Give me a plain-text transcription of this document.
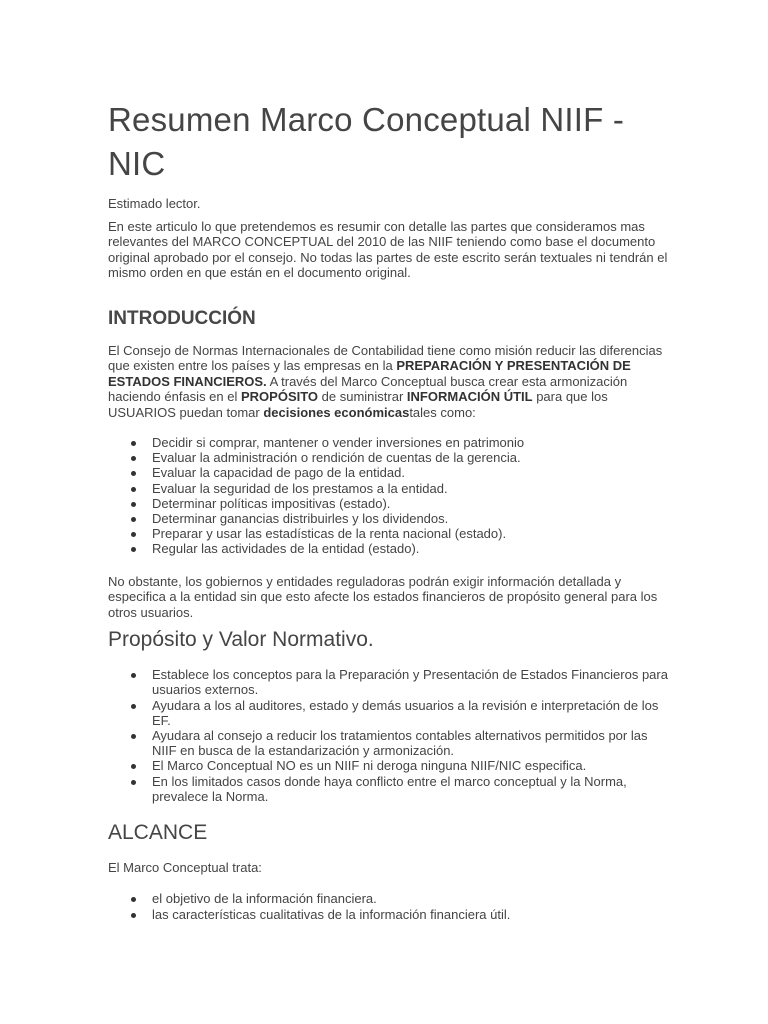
Resumen Marco Conceptual NIIF - NIC

Estimado lector.

En este articulo lo que pretendemos es resumir con detalle las partes que consideramos mas relevantes del MARCO CONCEPTUAL del 2010 de las NIIF teniendo como base el documento original aprobado por el consejo. No todas las partes de este escrito serán textuales ni tendrán el mismo orden en que están en el documento original.

INTRODUCCIÓN

El Consejo de Normas Internacionales de Contabilidad tiene como misión reducir las diferencias que existen entre los países y las empresas en la PREPARACIÓN Y PRESENTACIÓN DE ESTADOS FINANCIEROS. A través del Marco Conceptual busca crear esta armonización haciendo énfasis en el PROPÓSITO de suministrar INFORMACIÓN ÚTIL para que los USUARIOS puedan tomar decisiones económicastales como:

Decidir si comprar, mantener o vender inversiones en patrimonio
Evaluar la administración o rendición de cuentas de la gerencia.
Evaluar la capacidad de pago de la entidad.
Evaluar la seguridad de los prestamos a la entidad.
Determinar políticas impositivas (estado).
Determinar ganancias distribuirles y los dividendos.
Preparar y usar las estadísticas de la renta nacional (estado).
Regular las actividades de la entidad (estado).

No obstante, los gobiernos y entidades reguladoras podrán exigir información detallada y especifica a la entidad sin que esto afecte los estados financieros de propósito general para los otros usuarios.

Propósito y Valor Normativo.
Establece los conceptos para la Preparación y Presentación de Estados Financieros para usuarios externos.
Ayudara a los al auditores, estado y demás usuarios a la revisión e interpretación de los EF.
Ayudara al consejo a reducir los tratamientos contables alternativos permitidos por las NIIF en busca de la estandarización y armonización.
El Marco Conceptual NO es un NIIF ni deroga ninguna NIIF/NIC especifica.
En los limitados casos donde haya conflicto entre el marco conceptual y la Norma, prevalece la Norma.
ALCANCE

El Marco Conceptual trata:

el objetivo de la información financiera.
las características cualitativas de la información financiera útil.
